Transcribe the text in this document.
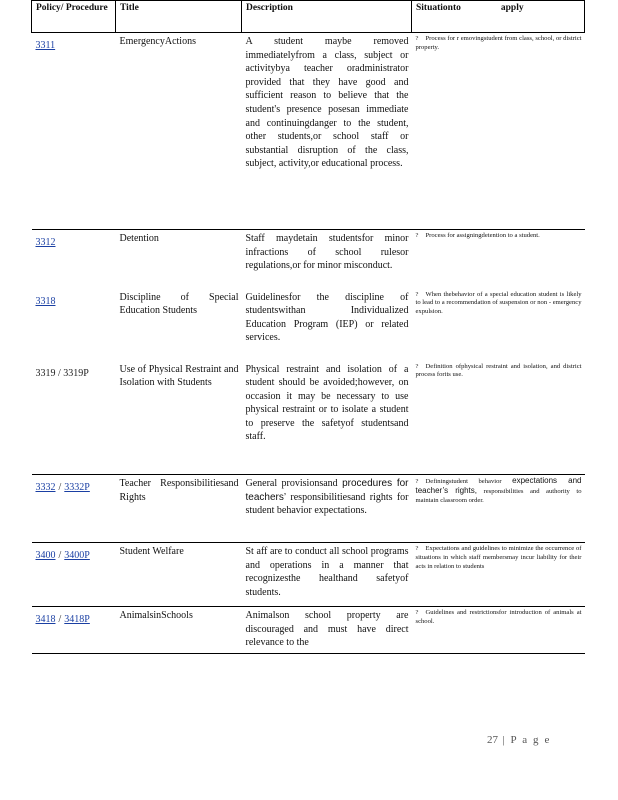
Policy/ Procedure	Title	Description	Situationto apply
3311	EmergencyActions	A student maybe removed immediatelyfrom a class, subject or activitybya teacher oradministrator provided that they have good and sufficient reason to believe that the student's presence posesan immediate and continuingdanger to the student, other students,or school staff or substantial disruption of the class, subject, activity,or educational process.	? Process for r emovingstudent from class, school, or district property.
3312	Detention	Staff maydetain studentsfor minor infractions of school rulesor regulations,or for minor misconduct.	? Process for assigningdetention to a student.
3318	Discipline of Special Education Students	Guidelinesfor the discipline of studentswithan Individualized Education Program (IEP) or related services.	? When thebehavior of a special education student is likely to lead to a recommendation of suspension or non - emergency expulsion.
3319 / 3319P	Use of Physical Restraint and Isolation with Students	Physical restraint and isolation of a student should be avoided;however, on occasion it may be necessary to use physical restraint or to isolate a student to preserve the safetyof studentsand staff.	? Definition ofphysical restraint and isolation, and district process forits use.
3332 / 3332P	Teacher Responsibilitiesand Rights	General provisionsand procedures for teachers’ responsibilitiesand rights for student behavior expectations.	? Definingstudent behavior expectations and teacher’s rights, responsibilities and authority to maintain classroom order.
3400 / 3400P	Student Welfare	St aff are to conduct all school programs and operations in a manner that recognizesthe healthand safetyof students.	? Expectations and guidelines to minimize the occurrence of situations in which staff membersmay incur liability for their acts in relation to students
3418 / 3418P	AnimalsinSchools	Animalson school property are discouraged and must have direct relevance to the	? Guidelines and restrictionsfor introduction of animals at school.
27 | P a g e
